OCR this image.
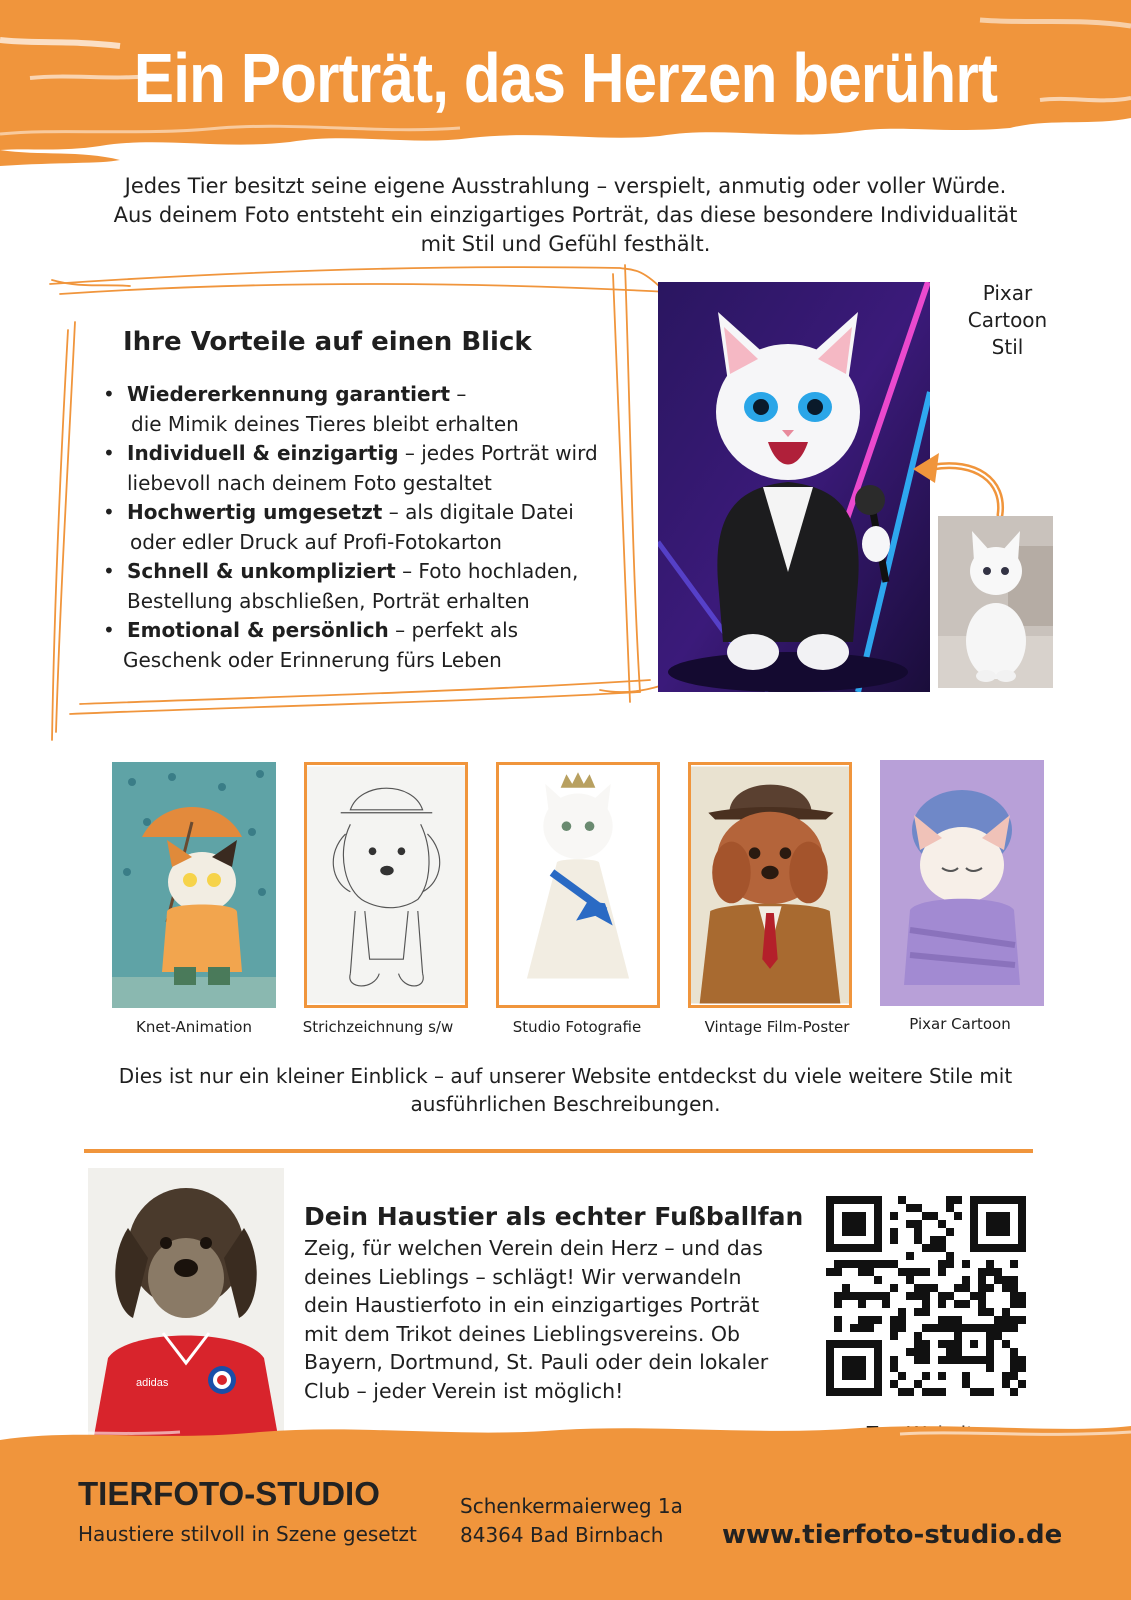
Ein Porträt, das Herzen berührt
Jedes Tier besitzt seine eigene Ausstrahlung – verspielt, anmutig oder voller Würde.
Aus deinem Foto entsteht ein einzigartiges Porträt, das diese besondere Individualität
mit Stil und Gefühl festhält.
Ihre Vorteile auf einen Blick
• Wiedererkennung garantiert –
die Mimik deines Tieres bleibt erhalten
• Individuell & einzigartig – jedes Porträt wird
liebevoll nach deinem Foto gestaltet
• Hochwertig umgesetzt – als digitale Datei
oder edler Druck auf Profi-Fotokarton
• Schnell & unkompliziert – Foto hochladen,
Bestellung abschließen, Porträt erhalten
• Emotional & persönlich – perfekt als
Geschenk oder Erinnerung fürs Leben
Pixar
Cartoon
Stil
Knet-Animation	Strichzeichnung s/w	Studio Fotografie	Vintage Film-Poster	Pixar Cartoon
Dies ist nur ein kleiner Einblick – auf unserer Website entdeckst du viele weitere Stile mit
ausführlichen Beschreibungen.
adidas
Dein Haustier als echter Fußballfan
Zeig, für welchen Verein dein Herz – und das
deines Lieblings – schlägt! Wir verwandeln
dein Haustierfoto in ein einzigartiges Porträt
mit dem Trikot deines Lieblingsvereins. Ob
Bayern, Dortmund, St. Pauli oder dein lokaler
Club – jeder Verein ist möglich!
TIERFOTO-STUDIO
Haustiere stilvoll in Szene gesetzt
Schenkermaierweg 1a
84364 Bad Birnbach www.tierfoto-studio.de
